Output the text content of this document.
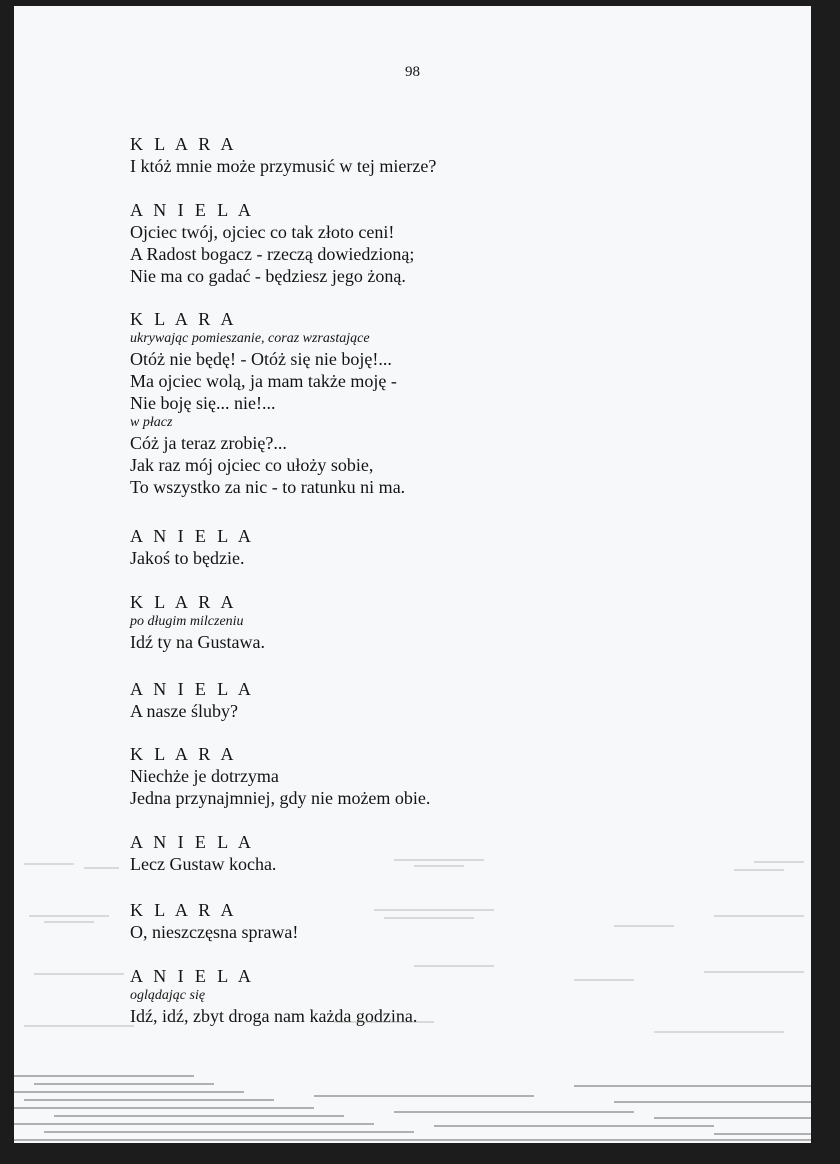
98
K L A R A
I któż mnie może przymusić w tej mierze?
A N I E L A
Ojciec twój, ojciec co tak złoto ceni!
A Radost bogacz - rzeczą dowiedzioną;
Nie ma co gadać - będziesz jego żoną.
K L A R A
ukrywając pomieszanie, coraz wzrastające
Otóż nie będę! - Otóż się nie boję!...
Ma ojciec wolą, ja mam także moję -
Nie boję się... nie!...
w płacz
Cóż ja teraz zrobię?...
Jak raz mój ojciec co ułoży sobie,
To wszystko za nic - to ratunku ni ma.
A N I E L A
Jakoś to będzie.
K L A R A
po długim milczeniu
Idź ty na Gustawa.
A N I E L A
A nasze śluby?
K L A R A
Niechże je dotrzyma
Jedna przynajmniej, gdy nie możem obie.
A N I E L A
Lecz Gustaw kocha.
K L A R A
O, nieszczęsna sprawa!
A N I E L A
oglądając się
Idź, idź, zbyt droga nam każda godzina.
